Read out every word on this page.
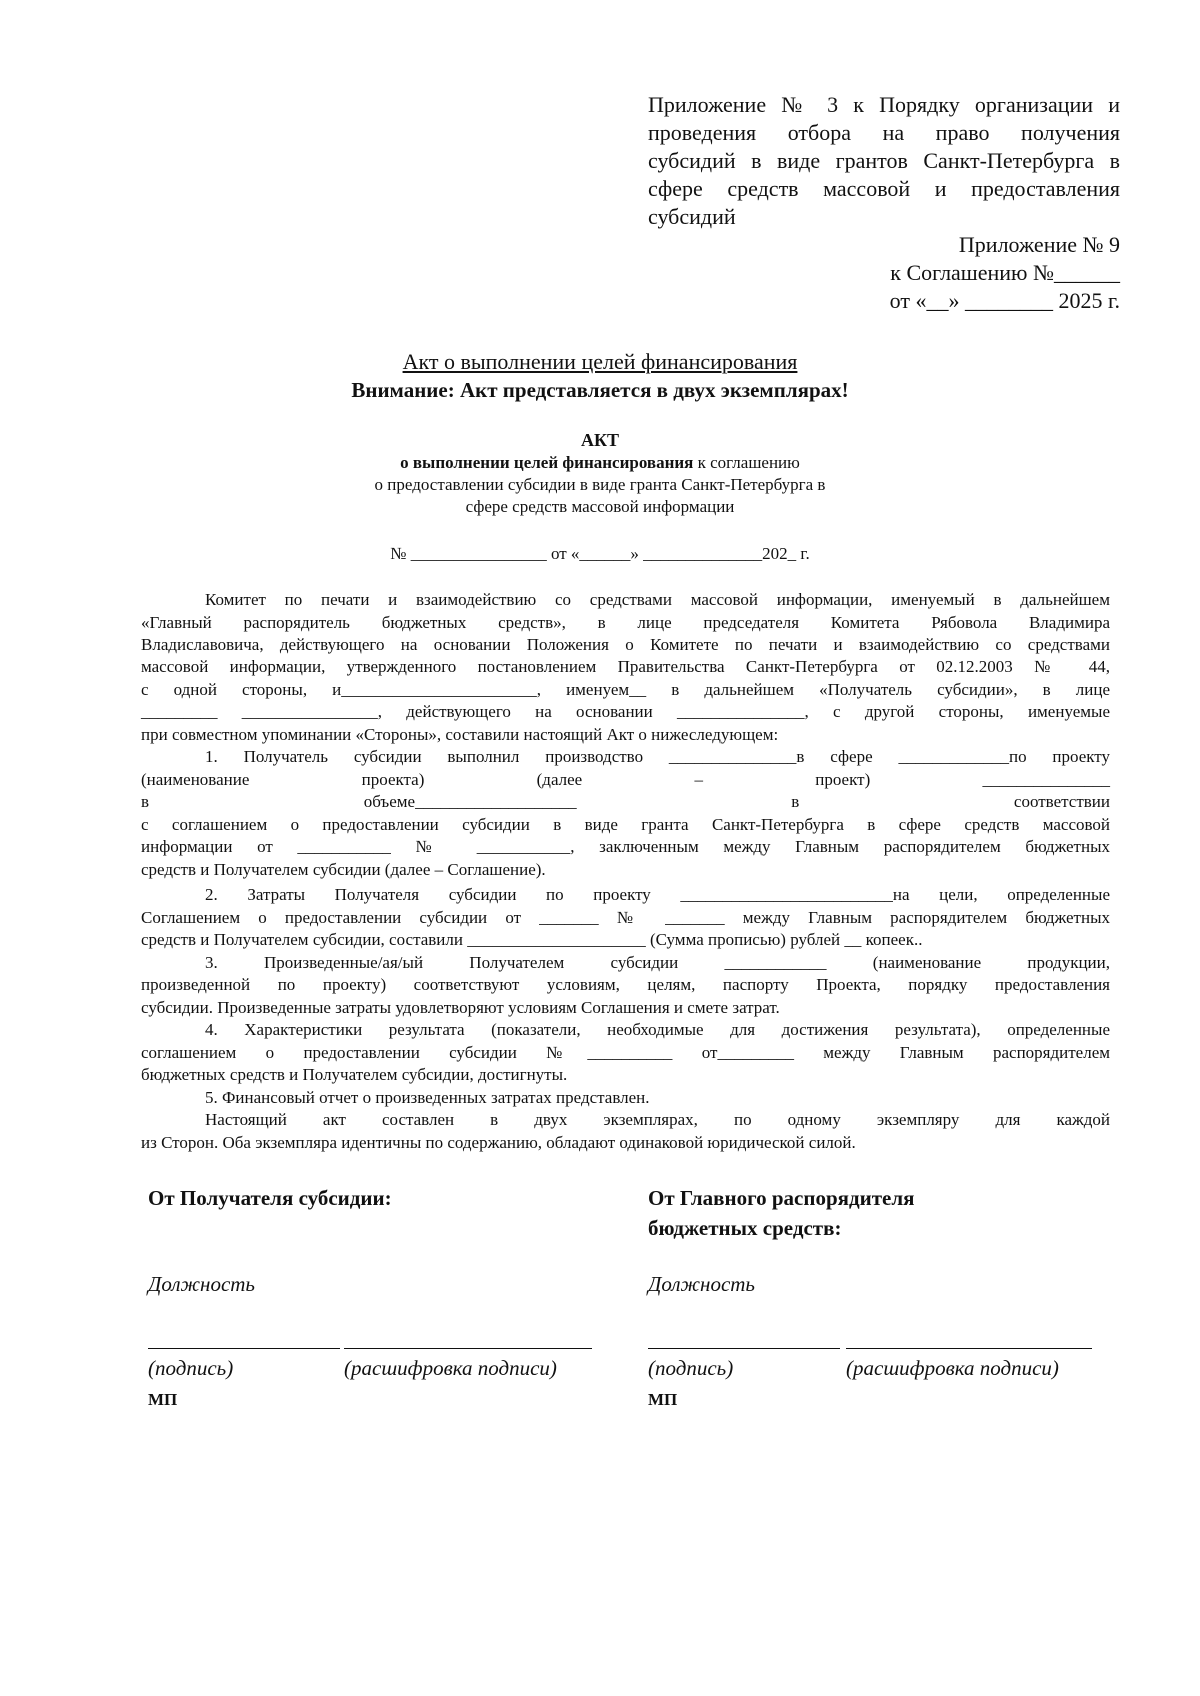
Приложение № 3 к Порядку организации и
проведения отбора на право получения
субсидий в виде грантов Санкт-Петербурга в
сфере средств массовой и предоставления
субсидий
Приложение № 9
к Соглашению №______
от «__» ________ 2025 г.
Акт о выполнении целей финансирования
Внимание: Акт представляется в двух экземплярах!
АКТ
о выполнении целей финансирования к соглашению
о предоставлении субсидии в виде гранта Санкт-Петербурга в
сфере средств массовой информации
№ ________________ от «______» ______________202_ г.
Комитет по печати и взаимодействию со средствами массовой информации, именуемый в дальнейшем
«Главный распорядитель бюджетных средств», в лице председателя Комитета Рябовола Владимира
Владиславовича, действующего на основании Положения о Комитете по печати и взаимодействию со средствами
массовой информации, утвержденного постановлением Правительства Санкт-Петербурга от 02.12.2003 № 44,
с одной стороны, и_______________________, именуем__ в дальнейшем «Получатель субсидии», в лице
_________ ________________, действующего на основании _______________, с другой стороны, именуемые
при совместном упоминании «Стороны», составили настоящий Акт о нижеследующем:
1. Получатель субсидии выполнил производство _______________в сфере _____________по проекту
(наименование проекта) (далее – проект) _______________
в объеме___________________ в соответствии
с соглашением о предоставлении субсидии в виде гранта Санкт-Петербурга в сфере средств массовой
информации от ___________ № ___________, заключенным между Главным распорядителем бюджетных
средств и Получателем субсидии (далее – Соглашение).
2. Затраты Получателя субсидии по проекту _________________________на цели, определенные
Соглашением о предоставлении субсидии от _______ № _______ между Главным распорядителем бюджетных
средств и Получателем субсидии, составили _____________________ (Сумма прописью) рублей __ копеек..
3. Произведенные/ая/ый Получателем субсидии ____________ (наименование продукции,
произведенной по проекту) соответствуют условиям, целям, паспорту Проекта, порядку предоставления
субсидии. Произведенные затраты удовлетворяют условиям Соглашения и смете затрат.
4. Характеристики результата (показатели, необходимые для достижения результата), определенные
соглашением о предоставлении субсидии №__________ от_________ между Главным распорядителем
бюджетных средств и Получателем субсидии, достигнуты.
5. Финансовый отчет о произведенных затратах представлен.
Настоящий акт составлен в двух экземплярах, по одному экземпляру для каждой
из Сторон. Оба экземпляра идентичны по содержанию, обладают одинаковой юридической силой.
От Получателя субсидии:	От Главного распорядителя
бюджетных средств:
Должность	Должность
(подпись)	(расшифровка подписи)	(подпись)	(расшифровка подписи)
МП	МП
